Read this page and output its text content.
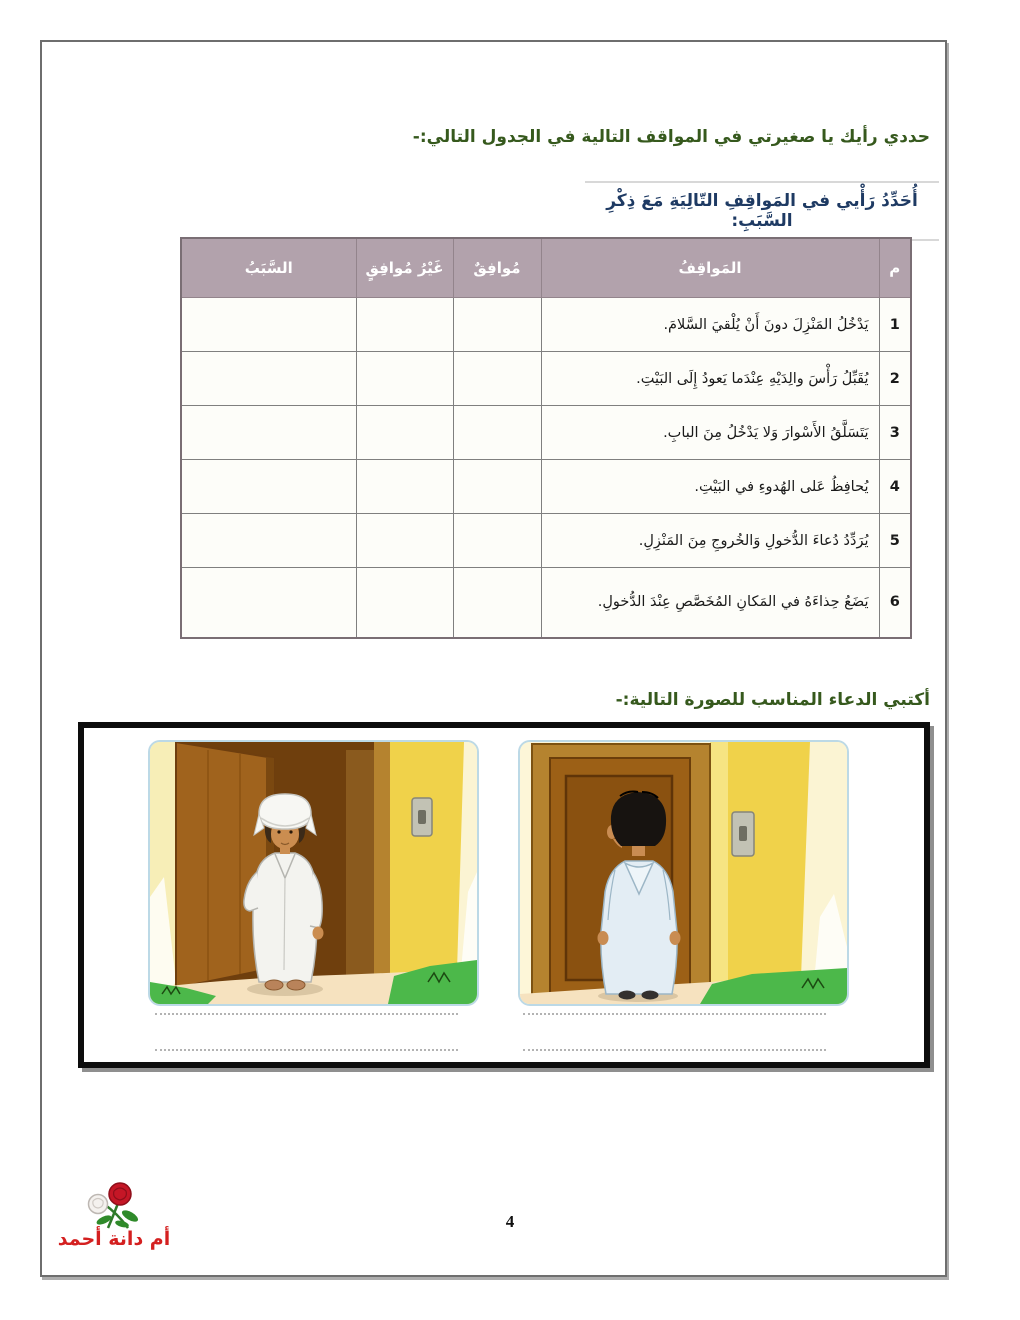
حددي رأيك يا صغيرتي في المواقف التالية في الجدول التالي:-
أُحَدِّدُ رَأْيي في المَواقِفِ التّالِيَةِ مَعَ ذِكْرِ السَّبَبِ:
م	المَواقِفُ	مُوافِقٌ	غَيْرُ مُوافِقٍ	السَّبَبُ
1	يَدْخُلُ المَنْزِلَ دونَ أَنْ يُلْقيَ السَّلامَ.			
2	يُقَبِّلُ رَأْسَ والِدَيْهِ عِنْدَما يَعودُ إِلَى البَيْتِ.			
3	يَتَسَلَّقُ الأَسْوارَ وَلا يَدْخُلُ مِنَ البابِ.			
4	يُحافِظُ عَلى الهُدوءِ في البَيْتِ.			
5	يُرَدِّدُ دُعاءَ الدُّخولِ وَالخُروجِ مِنَ المَنْزِلِ.			
6	يَضَعُ حِذاءَهُ في المَكانِ المُخَصَّصِ عِنْدَ الدُّخولِ.			
أكتبي الدعاء المناسب للصورة التالية:-
أم دانة أحمد
4
